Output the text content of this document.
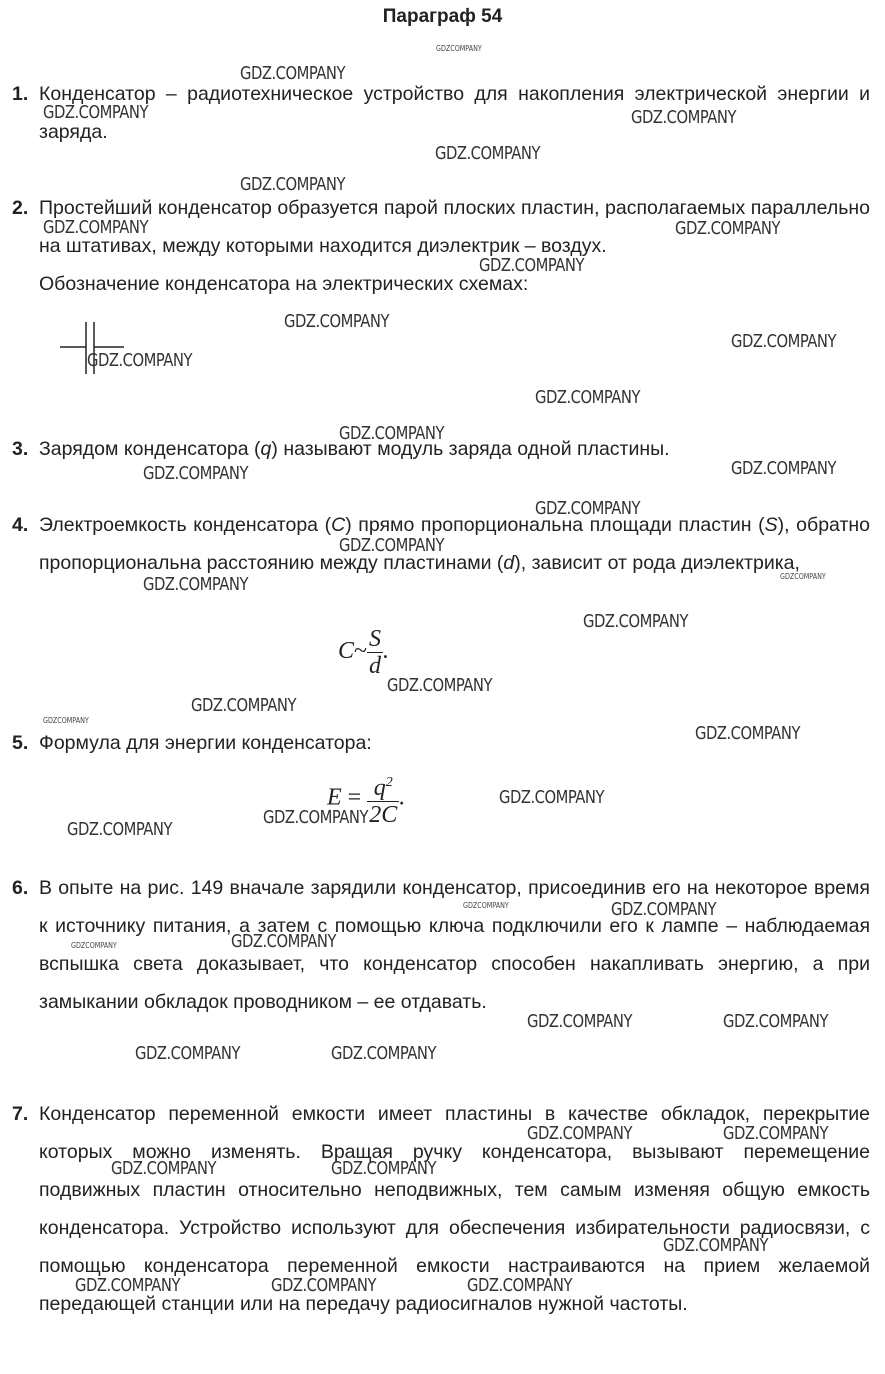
Параграф 54
1. Конденсатор – радиотехническое устройство для накопления электрической энергии и заряда.
2. Простейший конденсатор образуется парой плоских пластин, располагаемых параллельно на штативах, между которыми находится диэлектрик – воздух.
Обозначение конденсатора на электрических схемах:
3. Зарядом конденсатора (q) называют модуль заряда одной пластины.
4. Электроемкость конденсатора (C) прямо пропорциональна площади пластин (S), обратно пропорциональна расстоянию между пластинами (d), зависит от рода диэлектрика,
C~ $\frac{S}{d}$ .
5. Формула для энергии конденсатора:
$E = \frac{q^2}{2C}$ .
6. В опыте на рис. 149 вначале зарядили конденсатор, присоединив его на некоторое время к источнику питания, а затем с помощью ключа подключили его к лампе – наблюдаемая вспышка света доказывает, что конденсатор способен накапливать энергию, а при замыкании обкладок проводником – ее отдавать.
7. Конденсатор переменной емкости имеет пластины в качестве обкладок, перекрытие которых можно изменять. Вращая ручку конденсатора, вызывают перемещение подвижных пластин относительно неподвижных, тем самым изменяя общую емкость конденсатора. Устройство используют для обеспечения избирательности радиосвязи, с помощью конденсатора переменной емкости настраиваются на прием желаемой передающей станции или на передачу радиосигналов нужной частоты.
GDZCOMPANY
GDZ.COMPANY
GDZ.COMPANY	GDZ.COMPANY
GDZ.COMPANY
GDZ.COMPANY
GDZ.COMPANY	GDZ.COMPANY
GDZ.COMPANY
GDZ.COMPANY
GDZ.COMPANY
GDZ.COMPANY
GDZ.COMPANY
GDZ.COMPANY
GDZ.COMPANY	GDZ.COMPANY
GDZ.COMPANY
GDZ.COMPANY
GDZCOMPANY
GDZ.COMPANY
GDZ.COMPANY
GDZ.COMPANY
GDZ.COMPANY
GDZCOMPANY
GDZ.COMPANY
GDZ.COMPANY
GDZ.COMPANY
GDZ.COMPANY
GDZCOMPANY	GDZ.COMPANY
GDZ.COMPANY
GDZCOMPANY
GDZ.COMPANY	GDZ.COMPANY
GDZ.COMPANY	GDZ.COMPANY
GDZ.COMPANY	GDZ.COMPANY
GDZ.COMPANY	GDZ.COMPANY
GDZ.COMPANY
GDZ.COMPANY	GDZ.COMPANY	GDZ.COMPANY
